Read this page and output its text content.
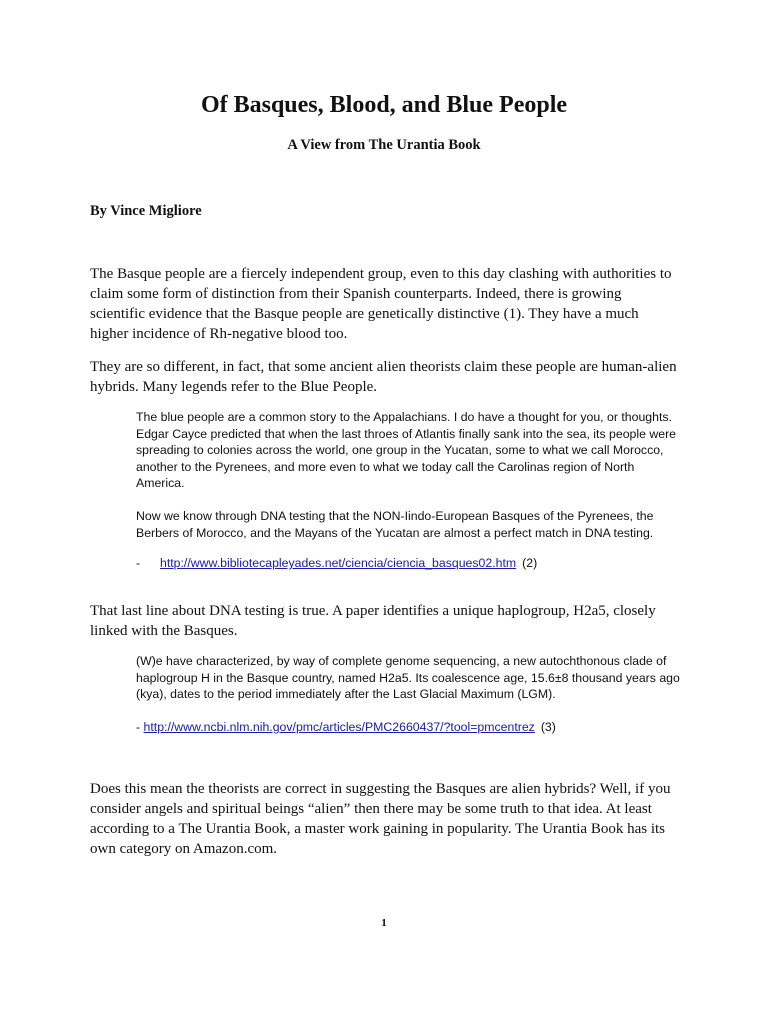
Of Basques, Blood, and Blue People
A View from The Urantia Book
By Vince Migliore

The Basque people are a fiercely independent group, even to this day clashing with authorities to claim some form of distinction from their Spanish counterparts. Indeed, there is growing scientific evidence that the Basque people are genetically distinctive (1). They have a much higher incidence of Rh-negative blood too.

They are so different, in fact, that some ancient alien theorists claim these people are human-alien hybrids. Many legends refer to the Blue People.

The blue people are a common story to the Appalachians. I do have a thought for you, or thoughts. Edgar Cayce predicted that when the last throes of Atlantis finally sank into the sea, its people were spreading to colonies across the world, one group in the Yucatan, some to what we call Morocco, another to the Pyrenees, and more even to what we today call the Carolinas region of North America.

Now we know through DNA testing that the NON-Iindo-European Basques of the Pyrenees, the Berbers of Morocco, and the Mayans of the Yucatan are almost a perfect match in DNA testing.

- http://www.bibliotecapleyades.net/ciencia/ciencia_basques02.htm (2)

That last line about DNA testing is true. A paper identifies a unique haplogroup, H2a5, closely linked with the Basques.

(W)e have characterized, by way of complete genome sequencing, a new autochthonous clade of haplogroup H in the Basque country, named H2a5. Its coalescence age, 15.6±8 thousand years ago (kya), dates to the period immediately after the Last Glacial Maximum (LGM).

- http://www.ncbi.nlm.nih.gov/pmc/articles/PMC2660437/?tool=pmcentrez (3)

Does this mean the theorists are correct in suggesting the Basques are alien hybrids? Well, if you consider angels and spiritual beings “alien” then there may be some truth to that idea. At least according to a The Urantia Book, a master work gaining in popularity. The Urantia Book has its own category on Amazon.com.

1
